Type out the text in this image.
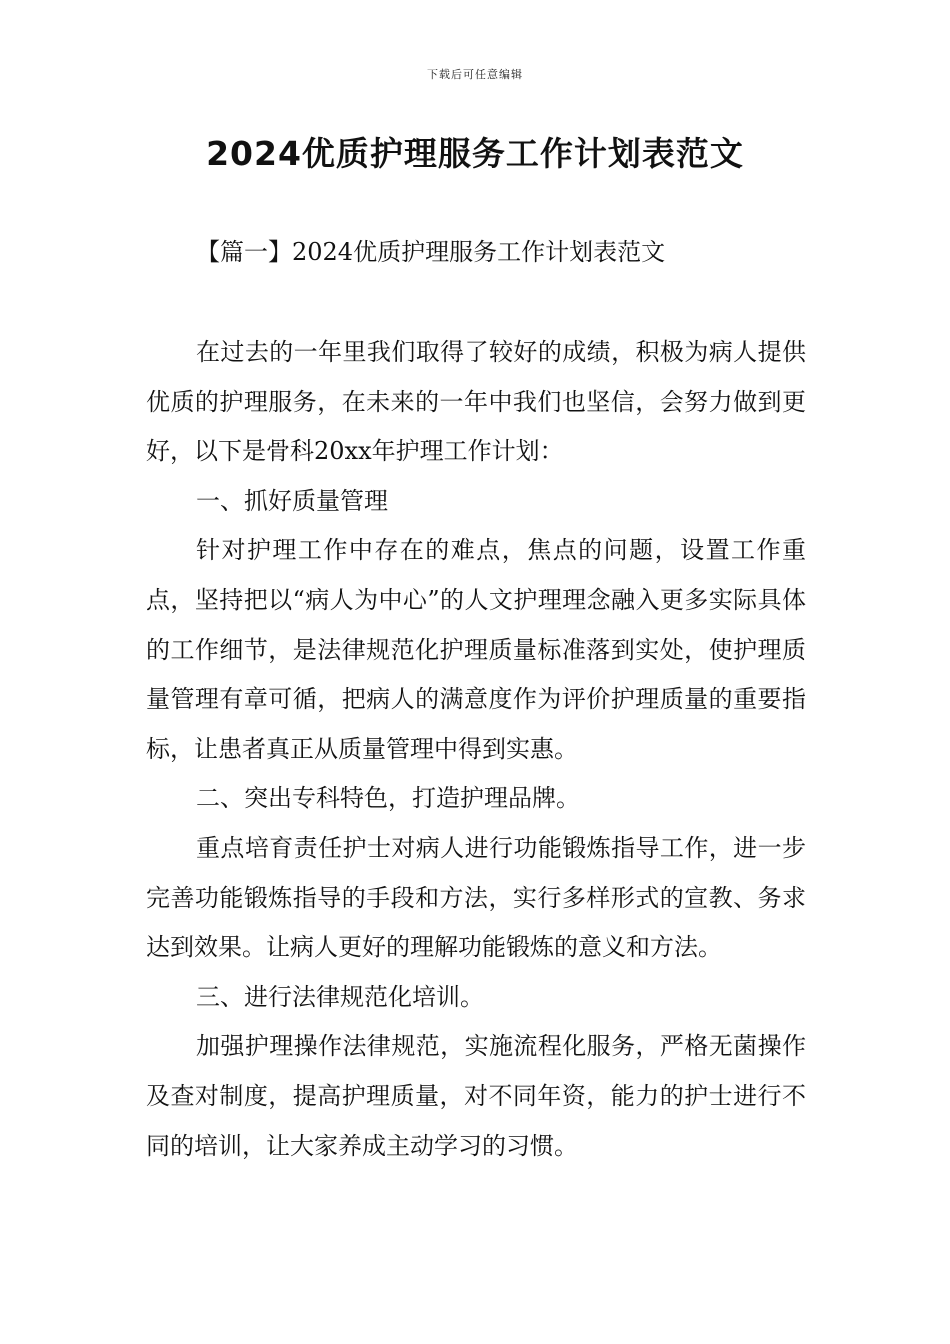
下载后可任意编辑
2024优质护理服务工作计划表范文
【篇一】2024优质护理服务工作计划表范文

在过去的一年里我们取得了较好的成绩，积极为病人提供优质的护理服务，在未来的一年中我们也坚信，会努力做到更好，以下是骨科20xx年护理工作计划：

一、抓好质量管理

针对护理工作中存在的难点，焦点的问题，设置工作重点，坚持把以“病人为中心”的人文护理理念融入更多实际具体的工作细节，是法律规范化护理质量标准落到实处，使护理质量管理有章可循，把病人的满意度作为评价护理质量的重要指标，让患者真正从质量管理中得到实惠。

二、突出专科特色，打造护理品牌。

重点培育责任护士对病人进行功能锻炼指导工作，进一步完善功能锻炼指导的手段和方法，实行多样形式的宣教、务求达到效果。让病人更好的理解功能锻炼的意义和方法。

三、进行法律规范化培训。

加强护理操作法律规范，实施流程化服务，严格无菌操作及查对制度，提高护理质量，对不同年资，能力的护士进行不同的培训，让大家养成主动学习的习惯。
